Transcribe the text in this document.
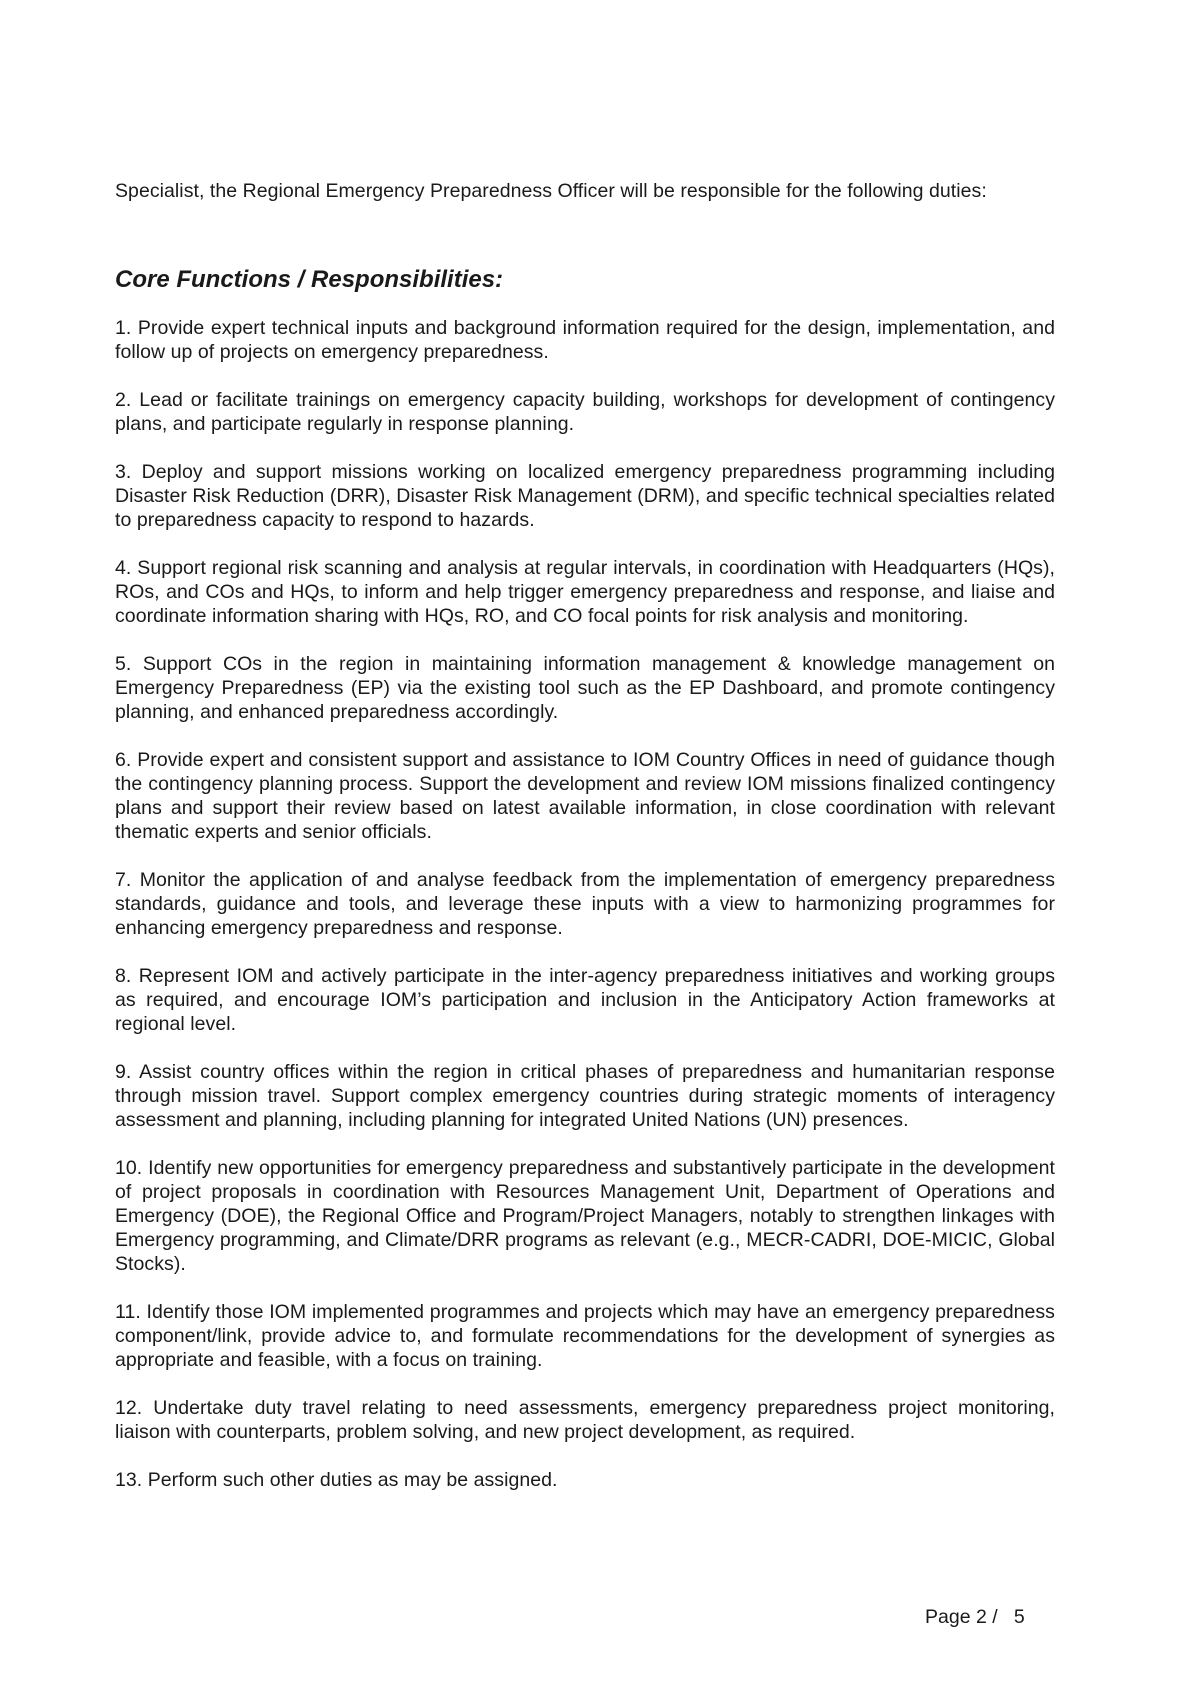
Specialist, the Regional Emergency Preparedness Officer will be responsible for the following duties:

Core Functions / Responsibilities:

1. Provide expert technical inputs and background information required for the design, implementation, and follow up of projects on emergency preparedness.

2. Lead or facilitate trainings on emergency capacity building, workshops for development of contingency plans, and participate regularly in response planning.

3. Deploy and support missions working on localized emergency preparedness programming including Disaster Risk Reduction (DRR), Disaster Risk Management (DRM), and specific technical specialties related to preparedness capacity to respond to hazards.

4. Support regional risk scanning and analysis at regular intervals, in coordination with Headquarters (HQs), ROs, and COs and HQs, to inform and help trigger emergency preparedness and response, and liaise and coordinate information sharing with HQs, RO, and CO focal points for risk analysis and monitoring.

5. Support COs in the region in maintaining information management & knowledge management on Emergency Preparedness (EP) via the existing tool such as the EP Dashboard, and promote contingency planning, and enhanced preparedness accordingly.

6. Provide expert and consistent support and assistance to IOM Country Offices in need of guidance though the contingency planning process. Support the development and review IOM missions finalized contingency plans and support their review based on latest available information, in close coordination with relevant thematic experts and senior officials.

7. Monitor the application of and analyse feedback from the implementation of emergency preparedness standards, guidance and tools, and leverage these inputs with a view to harmonizing programmes for enhancing emergency preparedness and response.

8. Represent IOM and actively participate in the inter-agency preparedness initiatives and working groups as required, and encourage IOM’s participation and inclusion in the Anticipatory Action frameworks at regional level.

9. Assist country offices within the region in critical phases of preparedness and humanitarian response through mission travel. Support complex emergency countries during strategic moments of interagency assessment and planning, including planning for integrated United Nations (UN) presences.

10. Identify new opportunities for emergency preparedness and substantively participate in the development of project proposals in coordination with Resources Management Unit, Department of Operations and Emergency (DOE), the Regional Office and Program/Project Managers, notably to strengthen linkages with Emergency programming, and Climate/DRR programs as relevant (e.g., MECR-CADRI, DOE-MICIC, Global Stocks).

11. Identify those IOM implemented programmes and projects which may have an emergency preparedness component/link, provide advice to, and formulate recommendations for the development of synergies as appropriate and feasible, with a focus on training.

12. Undertake duty travel relating to need assessments, emergency preparedness project monitoring, liaison with counterparts, problem solving, and new project development, as required.

13. Perform such other duties as may be assigned.

Page 2 /   5
